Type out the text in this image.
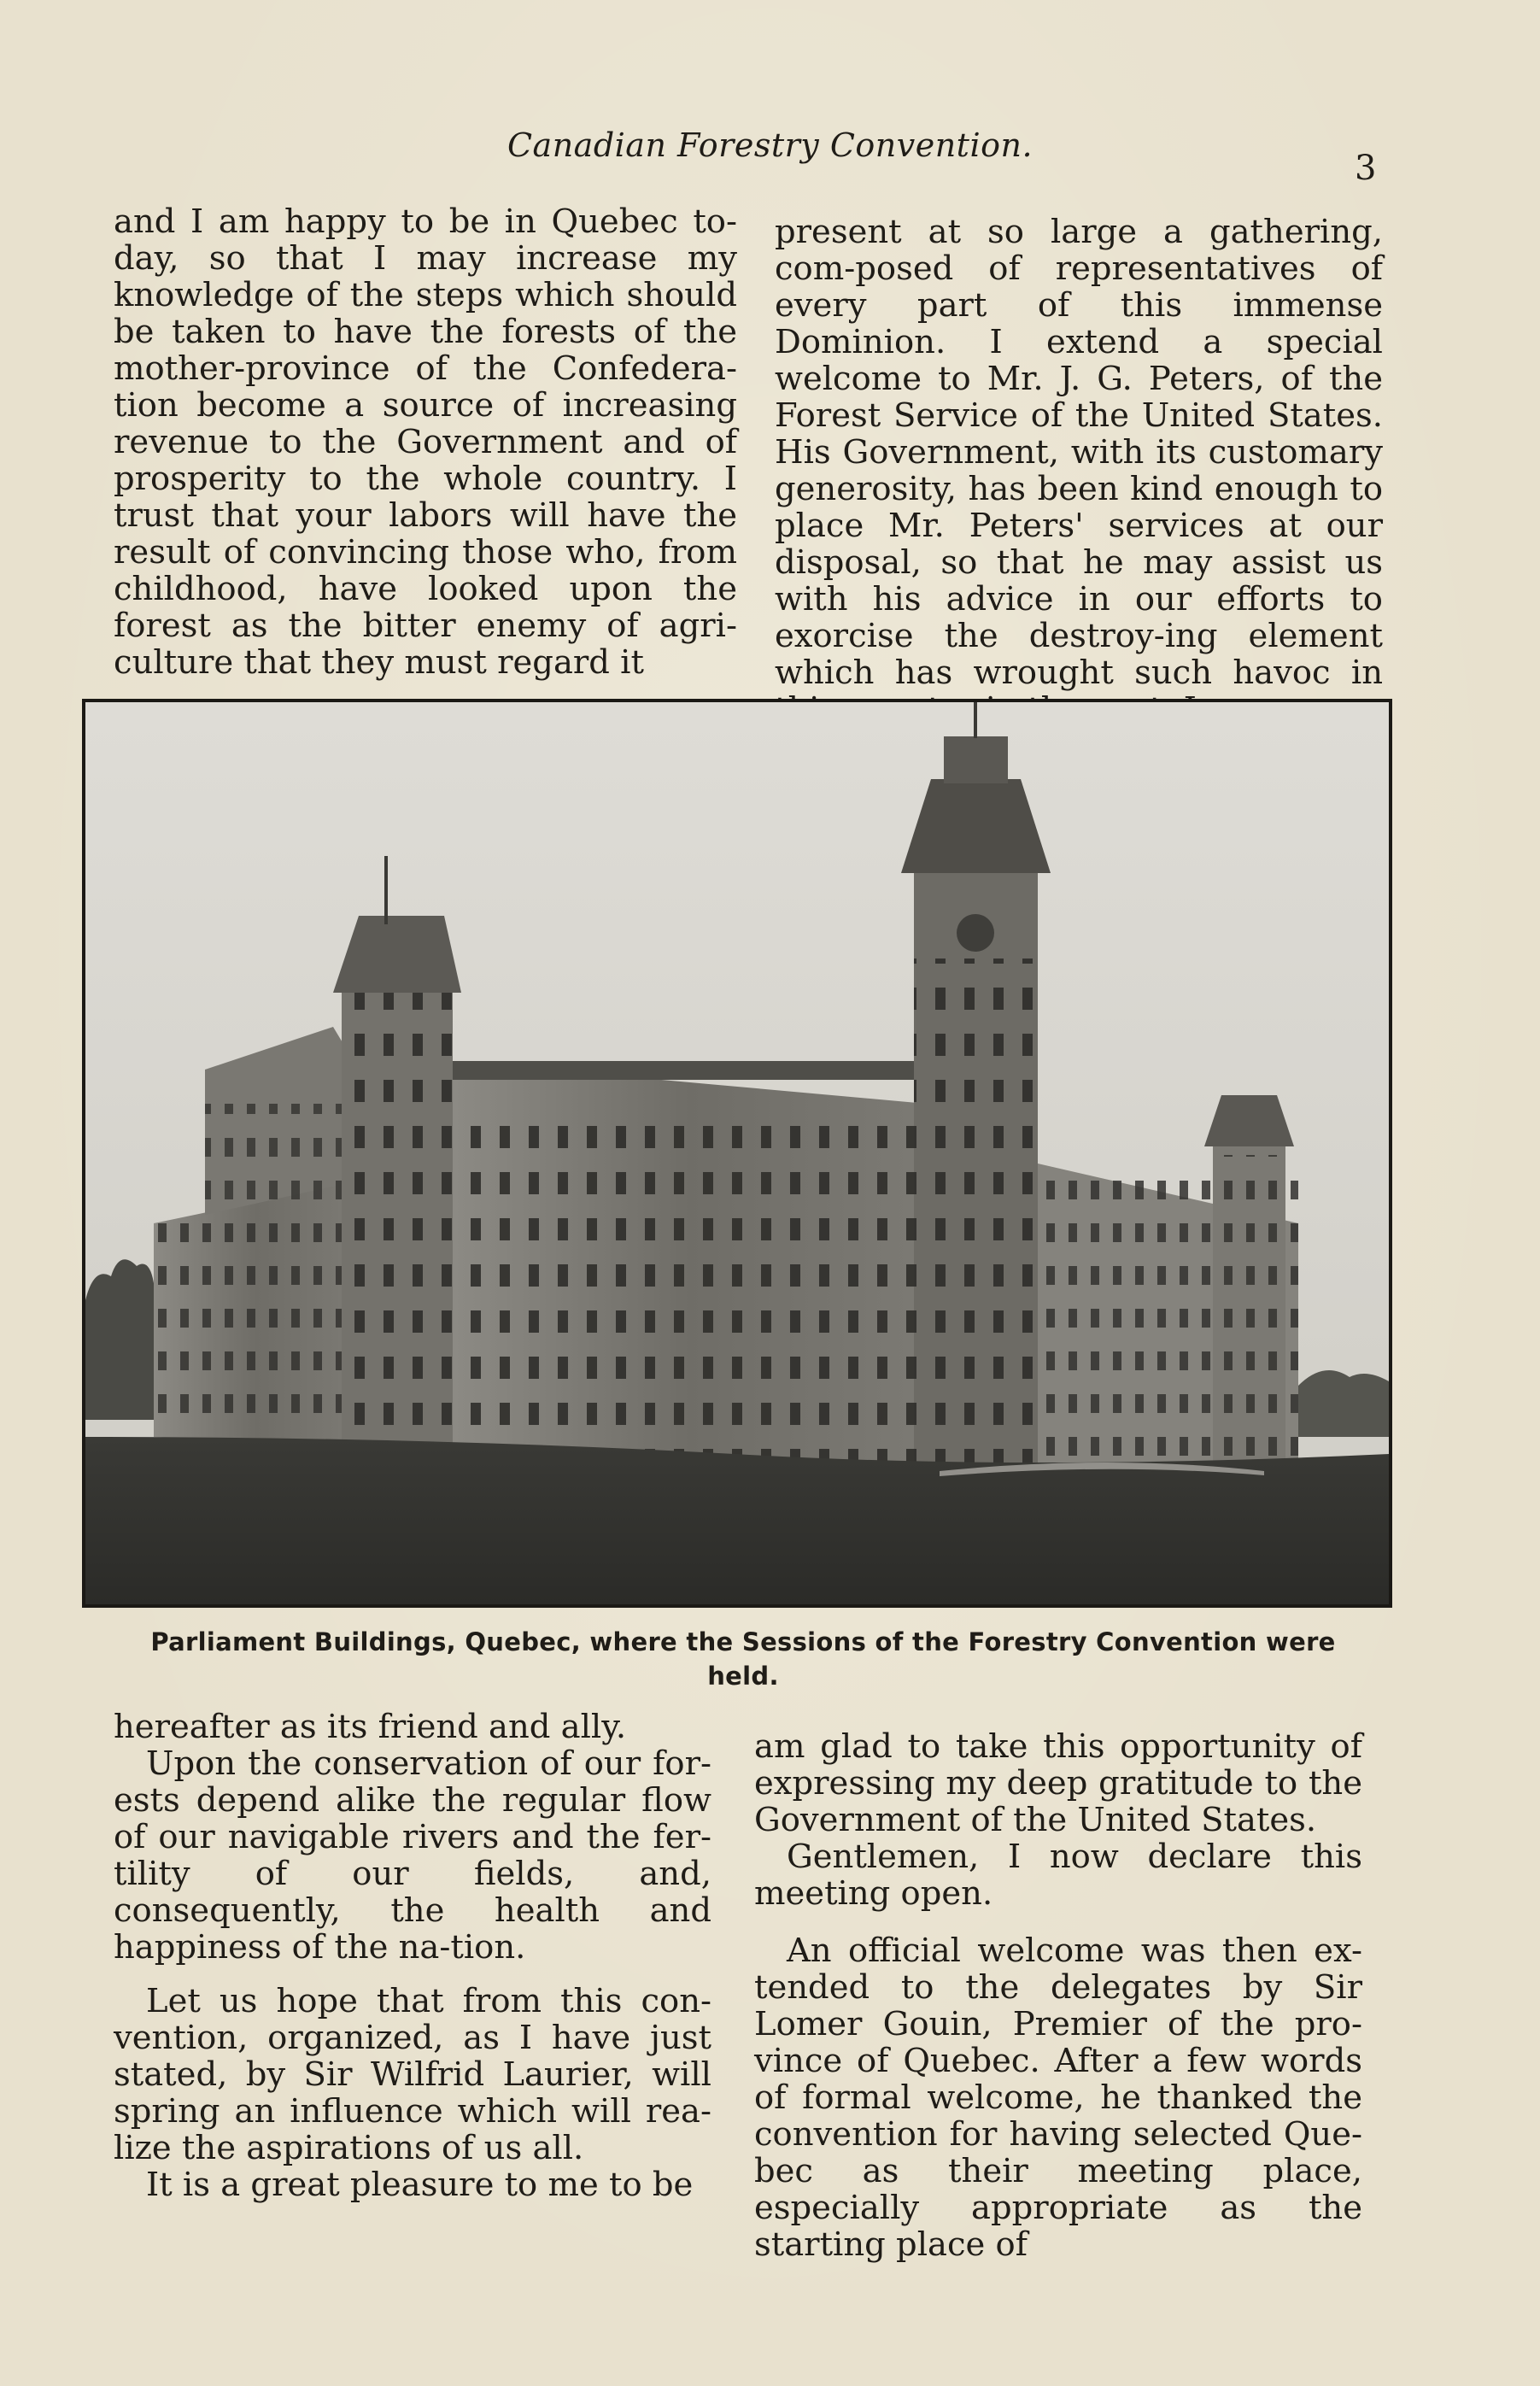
Canadian Forestry Convention.
3

and I am happy to be in Quebec to-day, so that I may increase my knowledge of the steps which should be taken to have the forests of the mother-province of the Confedera-tion become a source of increasing revenue to the Government and of prosperity to the whole country. I trust that your labors will have the result of convincing those who, from childhood, have looked upon the forest as the bitter enemy of agri-culture that they must regard it

present at so large a gathering, com-posed of representatives of every part of this immense Dominion. I extend a special welcome to Mr. J. G. Peters, of the Forest Service of the United States. His Government, with its customary generosity, has been kind enough to place Mr. Peters' services at our disposal, so that he may assist us with his advice in our efforts to exorcise the destroy-ing element which has wrought such havoc in

Parliament Buildings, Quebec, where the Sessions of the Forestry Convention were held.

hereafter as its friend and ally.

Upon the conservation of our for-ests depend alike the regular flow of our navigable rivers and the fer-tility of our fields, and, consequently, the health and happiness of the na-tion.

Let us hope that from this con-vention, organized, as I have just stated, by Sir Wilfrid Laurier, will spring an influence which will rea-lize the aspirations of us all.

It is a great pleasure to me to be

am glad to take this opportunity of expressing my deep gratitude to the Government of the United States.

Gentlemen, I now declare this meeting open.

An official welcome was then ex-tended to the delegates by Sir Lomer Gouin, Premier of the pro-vince of Quebec. After a few words of formal welcome, he thanked the convention for having selected Que-bec as their meeting place, especially appropriate as the starting place of
